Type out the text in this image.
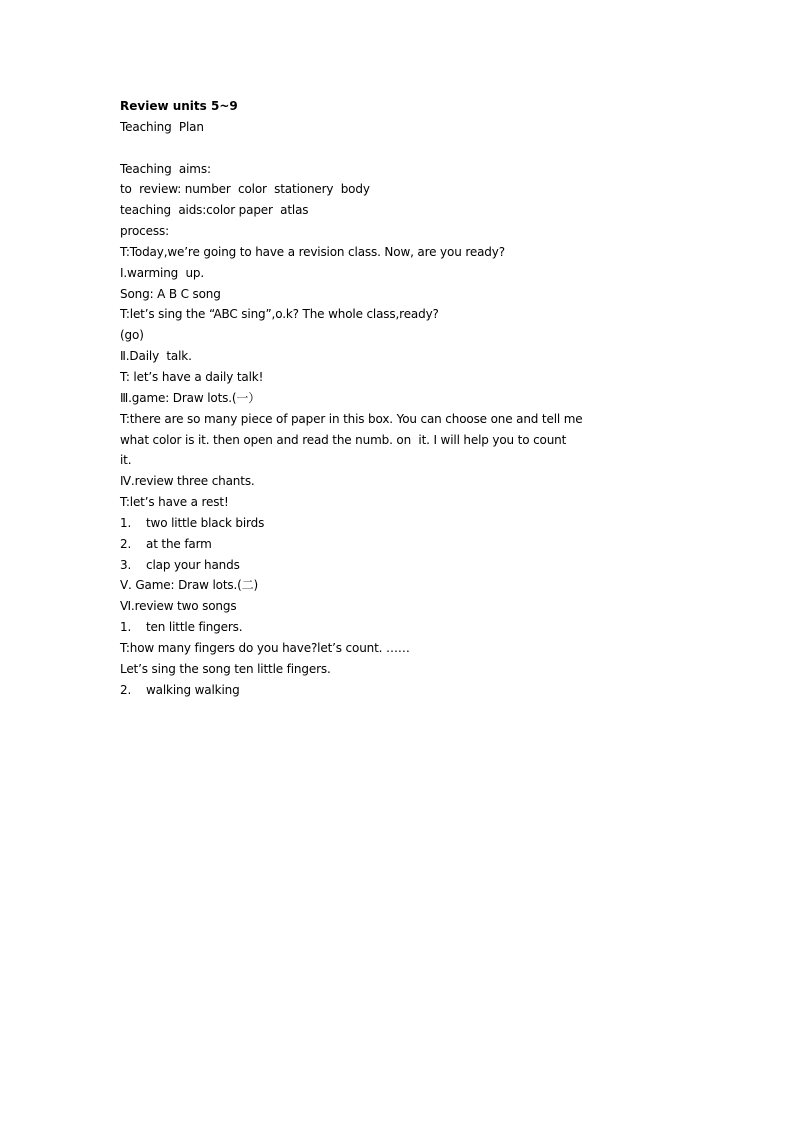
Review units 5~9
Teaching  Plan
Teaching  aims:
to  review: number  color  stationery  body
teaching  aids:color paper  atlas
process:
T:Today,we’re going to have a revision class. Now, are you ready?
Ⅰ.warming  up.
Song: A B C song
T:let’s sing the “ABC sing”,o.k? The whole class,ready?
(go)
Ⅱ.Daily  talk.
T: let’s have a daily talk!
Ⅲ.game: Draw lots.(一）
T:there are so many piece of paper in this box. You can choose one and tell me
what color is it. then open and read the numb. on  it. I will help you to count
it.
Ⅳ.review three chants.
T:let’s have a rest!
1. two little black birds
2. at the farm
3. clap your hands
Ⅴ. Game: Draw lots.(二)
Ⅵ.review two songs
1. ten little fingers.
T:how many fingers do you have?let’s count. ……
Let’s sing the song ten little fingers.
2. walking walking
